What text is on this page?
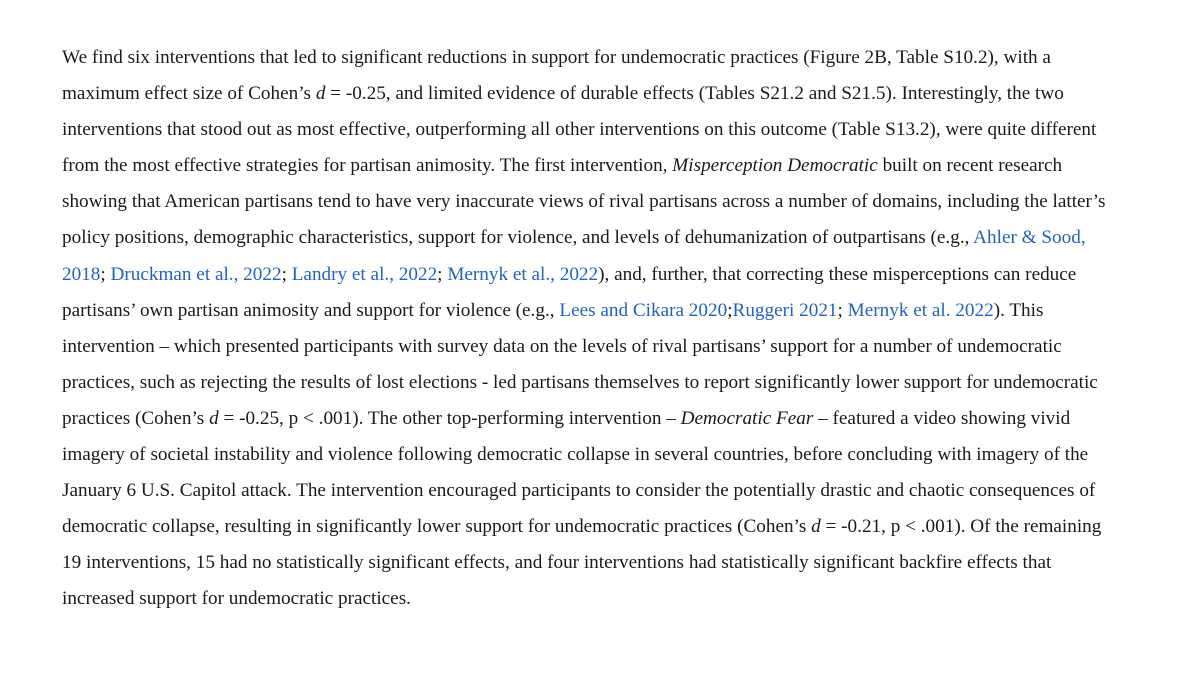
We find six interventions that led to significant reductions in support for undemocratic practices (Figure 2B, Table S10.2), with a
maximum effect size of Cohen’s d = -0.25, and limited evidence of durable effects (Tables S21.2 and S21.5). Interestingly, the two
interventions that stood out as most effective, outperforming all other interventions on this outcome (Table S13.2), were quite different
from the most effective strategies for partisan animosity. The first intervention, Misperception Democratic built on recent research
showing that American partisans tend to have very inaccurate views of rival partisans across a number of domains, including the latter’s
policy positions, demographic characteristics, support for violence, and levels of dehumanization of outpartisans (e.g., Ahler & Sood,
2018; Druckman et al., 2022; Landry et al., 2022; Mernyk et al., 2022), and, further, that correcting these misperceptions can reduce
partisans’ own partisan animosity and support for violence (e.g., Lees and Cikara 2020;Ruggeri 2021; Mernyk et al. 2022). This
intervention – which presented participants with survey data on the levels of rival partisans’ support for a number of undemocratic
practices, such as rejecting the results of lost elections - led partisans themselves to report significantly lower support for undemocratic
practices (Cohen’s d = -0.25, p < .001). The other top-performing intervention – Democratic Fear – featured a video showing vivid
imagery of societal instability and violence following democratic collapse in several countries, before concluding with imagery of the
January 6 U.S. Capitol attack. The intervention encouraged participants to consider the potentially drastic and chaotic consequences of
democratic collapse, resulting in significantly lower support for undemocratic practices (Cohen’s d = -0.21, p < .001). Of the remaining
19 interventions, 15 had no statistically significant effects, and four interventions had statistically significant backfire effects that
increased support for undemocratic practices.
